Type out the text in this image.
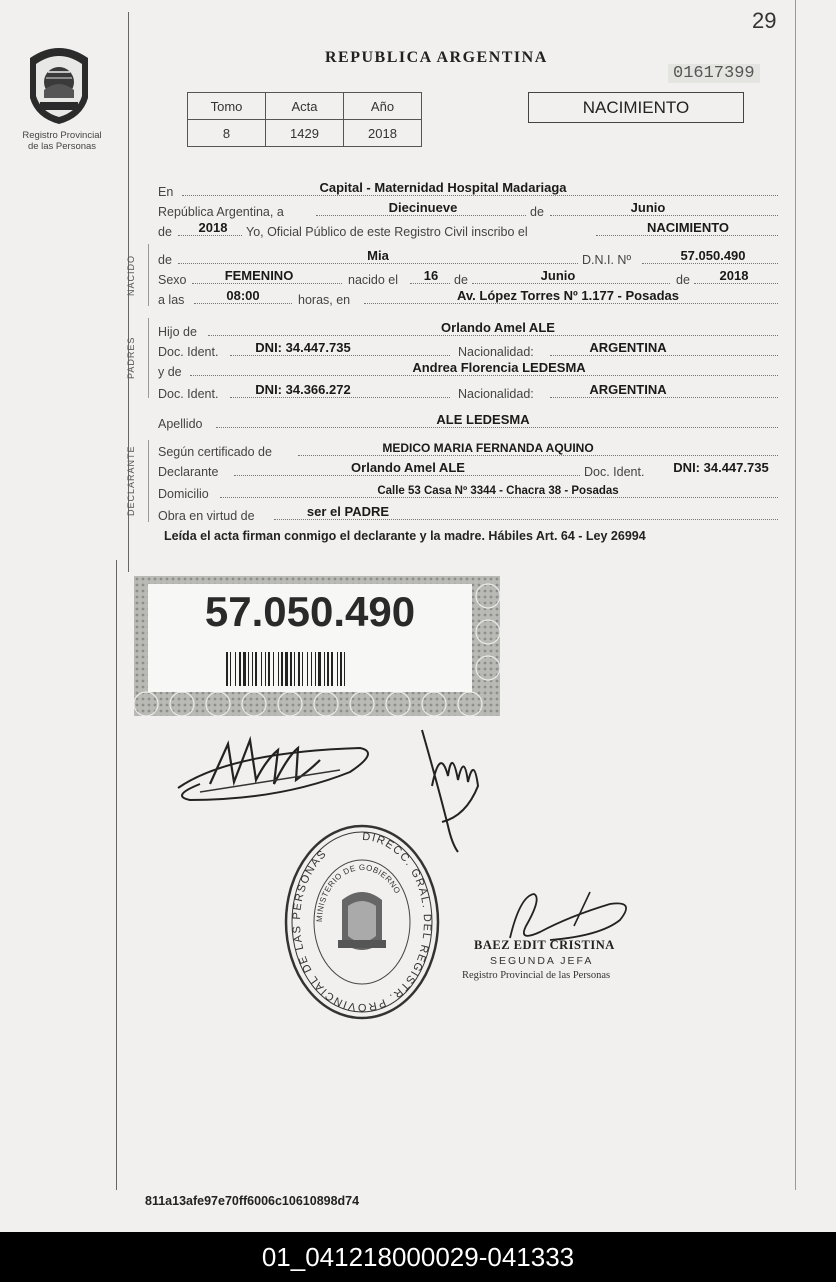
Registro Provincial
de las Personas
29
REPUBLICA ARGENTINA
01617399
Tomo	Acta	Año
8	1429	2018
NACIMIENTO
En	Capital - Maternidad Hospital Madariaga
República Argentina, a	Diecinueve	de	Junio
de	2018	Yo, Oficial Público de este Registro Civil inscribo el	NACIMIENTO
NACIDO	de	Mia	D.N.I. Nº	57.050.490
Sexo	FEMENINO	nacido el	16	de	Junio	de	2018
a las	08:00	horas, en	Av. López Torres Nº 1.177 - Posadas
PADRES
Hijo de	Orlando Amel ALE
Doc. Ident.	DNI: 34.447.735	Nacionalidad:	ARGENTINA
y de	Andrea Florencia LEDESMA
Doc. Ident.	DNI: 34.366.272	Nacionalidad:	ARGENTINA
Apellido	ALE LEDESMA
DECLARANTE	Según certificado de	MEDICO MARIA FERNANDA AQUINO
Declarante	Orlando Amel ALE	Doc. Ident.	DNI: 34.447.735
Domicilio	Calle 53 Casa Nº 3344 - Chacra 38 - Posadas
Obra en virtud de	ser el PADRE
Leída el acta firman conmigo el declarante y la madre. Hábiles Art. 64 - Ley 26994
57.050.490
DIRECC. GRAL. DEL REGISTR. PROVINCIAL DE LAS PERSONAS
MINISTERIO DE GOBIERNO
BAEZ EDIT CRISTINA
SEGUNDA JEFA
Registro Provincial de las Personas
811a13afe97e70ff6006c10610898d74
01_041218000029-041333
